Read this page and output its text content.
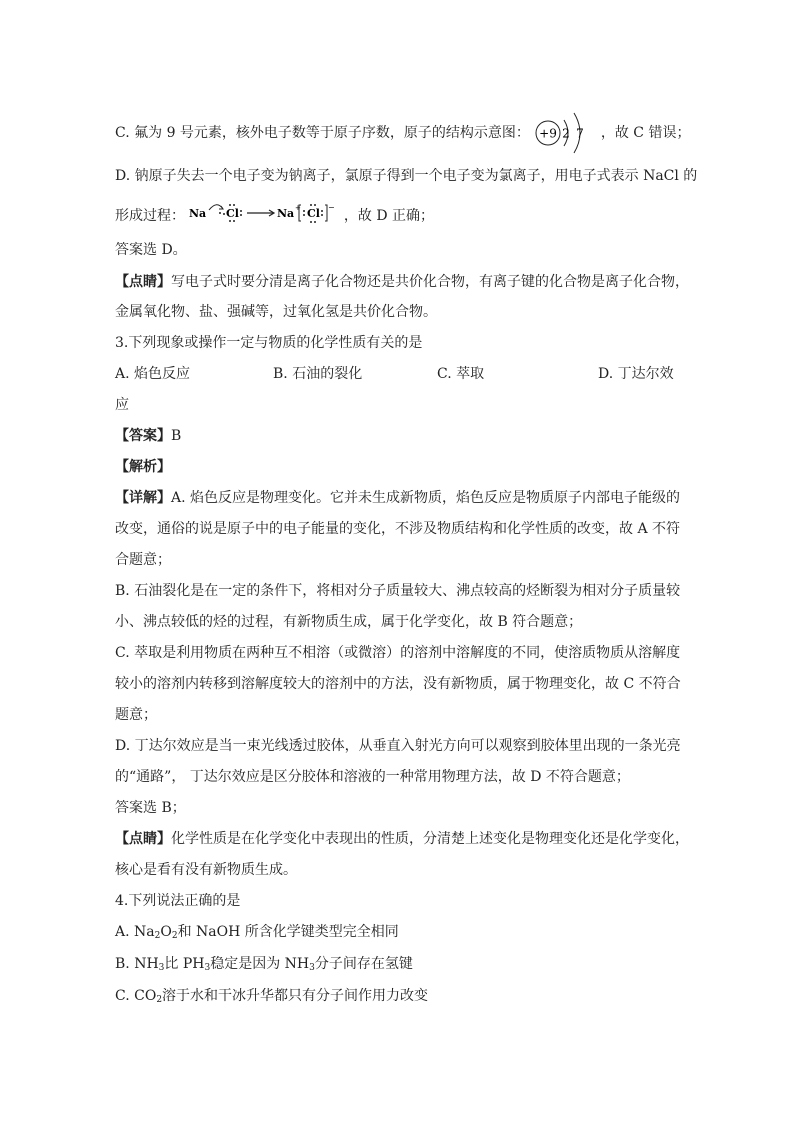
C. 氟为 9 号元素，核外电子数等于原子序数，原子的结构示意图： +9 2 7 ，故 C 错误；
D. 钠原子失去一个电子变为钠离子，氯原子得到一个电子变为氯离子，用电子式表示 NaCl 的
形成过程： Na Cl	Na + Cl −
，故 D 正确；
答案选 D。
【点睛】写电子式时要分清是离子化合物还是共价化合物，有离子键的化合物是离子化合物，
金属氧化物、盐、强碱等，过氧化氢是共价化合物。
3.下列现象或操作一定与物质的化学性质有关的是
A. 焰色反应	B. 石油的裂化	C. 萃取	D. 丁达尔效
应
【答案】B
【解析】
【详解】A. 焰色反应是物理变化。它并未生成新物质，焰色反应是物质原子内部电子能级的
改变，通俗的说是原子中的电子能量的变化，不涉及物质结构和化学性质的改变，故 A 不符
合题意；
B. 石油裂化是在一定的条件下，将相对分子质量较大、沸点较高的烃断裂为相对分子质量较
小、沸点较低的烃的过程，有新物质生成，属于化学变化，故 B 符合题意；
C. 萃取是利用物质在两种互不相溶（或微溶）的溶剂中溶解度的不同，使溶质物质从溶解度
较小的溶剂内转移到溶解度较大的溶剂中的方法，没有新物质，属于物理变化，故 C 不符合
题意；
D. 丁达尔效应是当一束光线透过胶体，从垂直入射光方向可以观察到胶体里出现的一条光亮
的“通路”， 丁达尔效应是区分胶体和溶液的一种常用物理方法，故 D 不符合题意；
答案选 B；
【点睛】化学性质是在化学变化中表现出的性质，分清楚上述变化是物理变化还是化学变化，
核心是看有没有新物质生成。
4.下列说法正确的是
A. $Na_2O_2$和 NaOH 所含化学键类型完全相同
B. $NH_3$比 $PH_3$稳定是因为 $NH_3$分子间存在氢键
C. $CO_2$溶于水和干冰升华都只有分子间作用力改变
